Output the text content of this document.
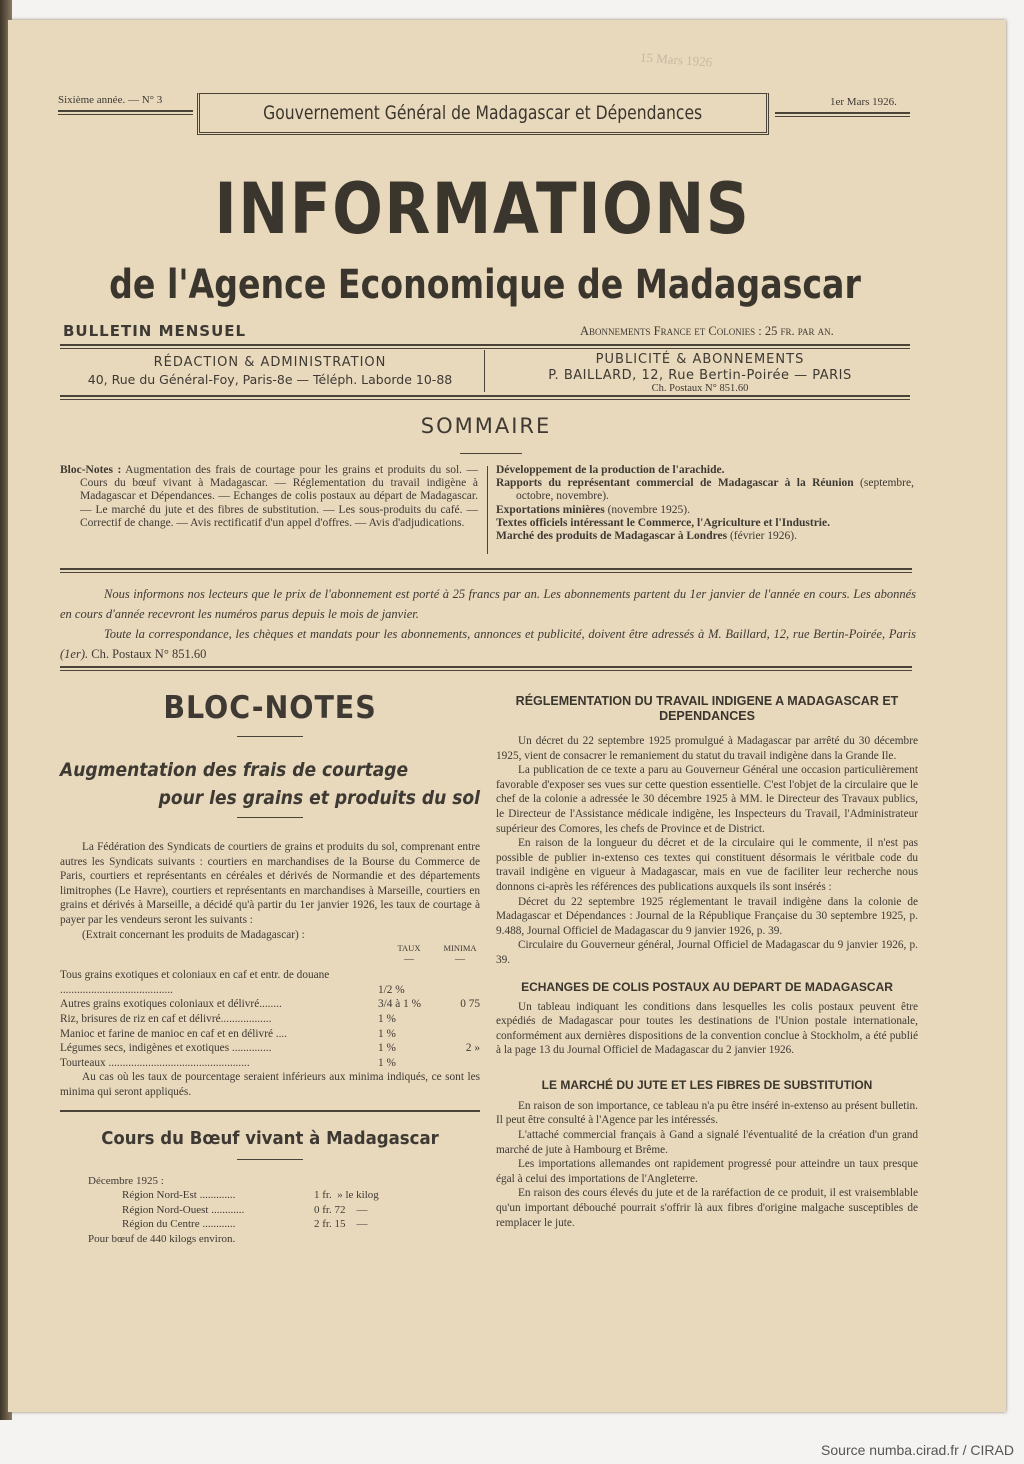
Sixième année. — N° 3	1er Mars 1926.
Gouvernement Général de Madagascar et Dépendances
INFORMATIONS
de l'Agence Economique de Madagascar
BULLETIN MENSUEL	Abonnements France et Colonies : 25 fr. par an.
RÉDACTION & ADMINISTRATION
40, Rue du Général-Foy, Paris-8e — Téléph. Laborde 10-88
PUBLICITÉ & ABONNEMENTS
P. BAILLARD, 12, Rue Bertin-Poirée — PARIS
Ch. Postaux N° 851.60
15 Mars 1926
SOMMAIRE
Bloc-Notes : Augmentation des frais de courtage pour les grains et produits du sol. — Cours du bœuf vivant à Madagascar. — Réglementation du travail indigène à Madagascar et Dépendances. — Echanges de colis postaux au départ de Madagascar. — Le marché du jute et des fibres de substitution. — Les sous-produits du café. — Correctif de change. — Avis rectificatif d'un appel d'offres. — Avis d'adjudications.
Développement de la production de l'arachide.
Rapports du représentant commercial de Madagascar à la Réunion (septembre, octobre, novembre).
Exportations minières (novembre 1925).
Textes officiels intéressant le Commerce, l'Agriculture et l'Industrie.
Marché des produits de Madagascar à Londres (février 1926).

Nous informons nos lecteurs que le prix de l'abonnement est porté à 25 francs par an. Les abonnements partent du 1er janvier de l'année en cours. Les abonnés en cours d'année recevront les numéros parus depuis le mois de janvier.

Toute la correspondance, les chèques et mandats pour les abonnements, annonces et publicité, doivent être adressés à M. Baillard, 12, rue Bertin-Poirée, Paris (1er). Ch. Postaux N° 851.60

BLOC-NOTES
Augmentation des frais de courtage
pour les grains et produits du sol

La Fédération des Syndicats de courtiers de grains et produits du sol, comprenant entre autres les Syndicats suivants : courtiers en marchandises de la Bourse du Commerce de Paris, courtiers et représentants en céréales et dérivés de Normandie et des départements limitrophes (Le Havre), courtiers et représentants en marchandises à Marseille, courtiers en grains et dérivés à Marseille, a décidé qu'à partir du 1er janvier 1926, les taux de courtage à payer par les vendeurs seront les suivants :

(Extrait concernant les produits de Madagascar) :

TAUX	MINIMA
—	—
Tous grains exotiques et coloniaux en caf et entr. de douane ........................................	1/2 %
Autres grains exotiques coloniaux et délivré........	3/4 à 1 %	0 75
Riz, brisures de riz en caf et délivré..................	1 %
Manioc et farine de manioc en caf et en délivré ....	1 %
Légumes secs, indigènes et exotiques ..............	1 %	2 »
Tourteaux ..................................................	1 %

Au cas où les taux de pourcentage seraient inférieurs aux minima indiqués, ce sont les minima qui seront appliqués.

Cours du Bœuf vivant à Madagascar
Décembre 1925 :
Région Nord-Est .............	1 fr.  » le kilog
Région Nord-Ouest ............	0 fr. 72    —
Région du Centre ............	2 fr. 15    —
Pour bœuf de 440 kilogs environ.
RÉGLEMENTATION DU TRAVAIL INDIGENE A MADAGASCAR ET DEPENDANCES

Un décret du 22 septembre 1925 promulgué à Madagascar par arrêté du 30 décembre 1925, vient de consacrer le remaniement du statut du travail indigène dans la Grande Ile.

La publication de ce texte a paru au Gouverneur Général une occasion particulièrement favorable d'exposer ses vues sur cette question essentielle. C'est l'objet de la circulaire que le chef de la colonie a adressée le 30 décembre 1925 à MM. le Directeur des Travaux publics, le Directeur de l'Assistance médicale indigène, les Inspecteurs du Travail, l'Administrateur supérieur des Comores, les chefs de Province et de District.

En raison de la longueur du décret et de la circulaire qui le commente, il n'est pas possible de publier in-extenso ces textes qui constituent désormais le véritbale code du travail indigène en vigueur à Madagascar, mais en vue de faciliter leur recherche nous donnons ci-après les références des publications auxquels ils sont insérés :

Décret du 22 septembre 1925 réglementant le travail indigène dans la colonie de Madagascar et Dépendances : Journal de la République Française du 30 septembre 1925, p. 9.488, Journal Officiel de Madagascar du 9 janvier 1926, p. 39.

Circulaire du Gouverneur général, Journal Officiel de Madagascar du 9 janvier 1926, p. 39.

ECHANGES DE COLIS POSTAUX AU DEPART DE MADAGASCAR

Un tableau indiquant les conditions dans lesquelles les colis postaux peuvent être expédiés de Madagascar pour toutes les destinations de l'Union postale internationale, conformément aux dernières dispositions de la convention conclue à Stockholm, a été publié à la page 13 du Journal Officiel de Madagascar du 2 janvier 1926.

LE MARCHÉ DU JUTE ET LES FIBRES DE SUBSTITUTION

En raison de son importance, ce tableau n'a pu être inséré in-extenso au présent bulletin. Il peut être consulté à l'Agence par les intéressés.

L'attaché commercial français à Gand a signalé l'éventualité de la création d'un grand marché de jute à Hambourg et Brême.

Les importations allemandes ont rapidement progressé pour atteindre un taux presque égal à celui des importations de l'Angleterre.

En raison des cours élevés du jute et de la raréfaction de ce produit, il est vraisemblable qu'un important débouché pourrait s'offrir là aux fibres d'origine malgache susceptibles de remplacer le jute.

Source numba.cirad.fr / CIRAD
